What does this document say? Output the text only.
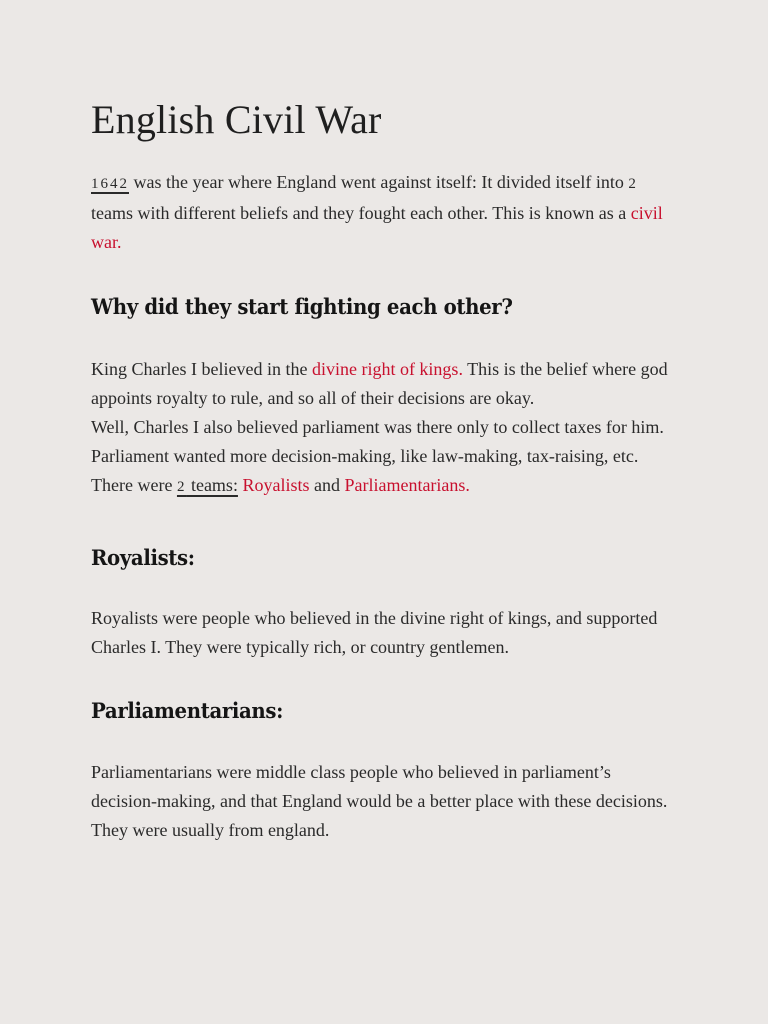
English Civil War

1642 was the year where England went against itself: It divided itself into 2 teams with different beliefs and they fought each other. This is known as a civil war.

Why did they start fighting each other?

King Charles I believed in the divine right of kings. This is the belief where god appoints royalty to rule, and so all of their decisions are okay.
Well, Charles I also believed parliament was there only to collect taxes for him. Parliament wanted more decision-making, like law-making, tax-raising, etc.
There were 2 teams: Royalists and Parliamentarians.

Royalists:

Royalists were people who believed in the divine right of kings, and supported Charles I. They were typically rich, or country gentlemen.

Parliamentarians:

Parliamentarians were middle class people who believed in parliament’s decision-making, and that England would be a better place with these decisions. They were usually from england.
